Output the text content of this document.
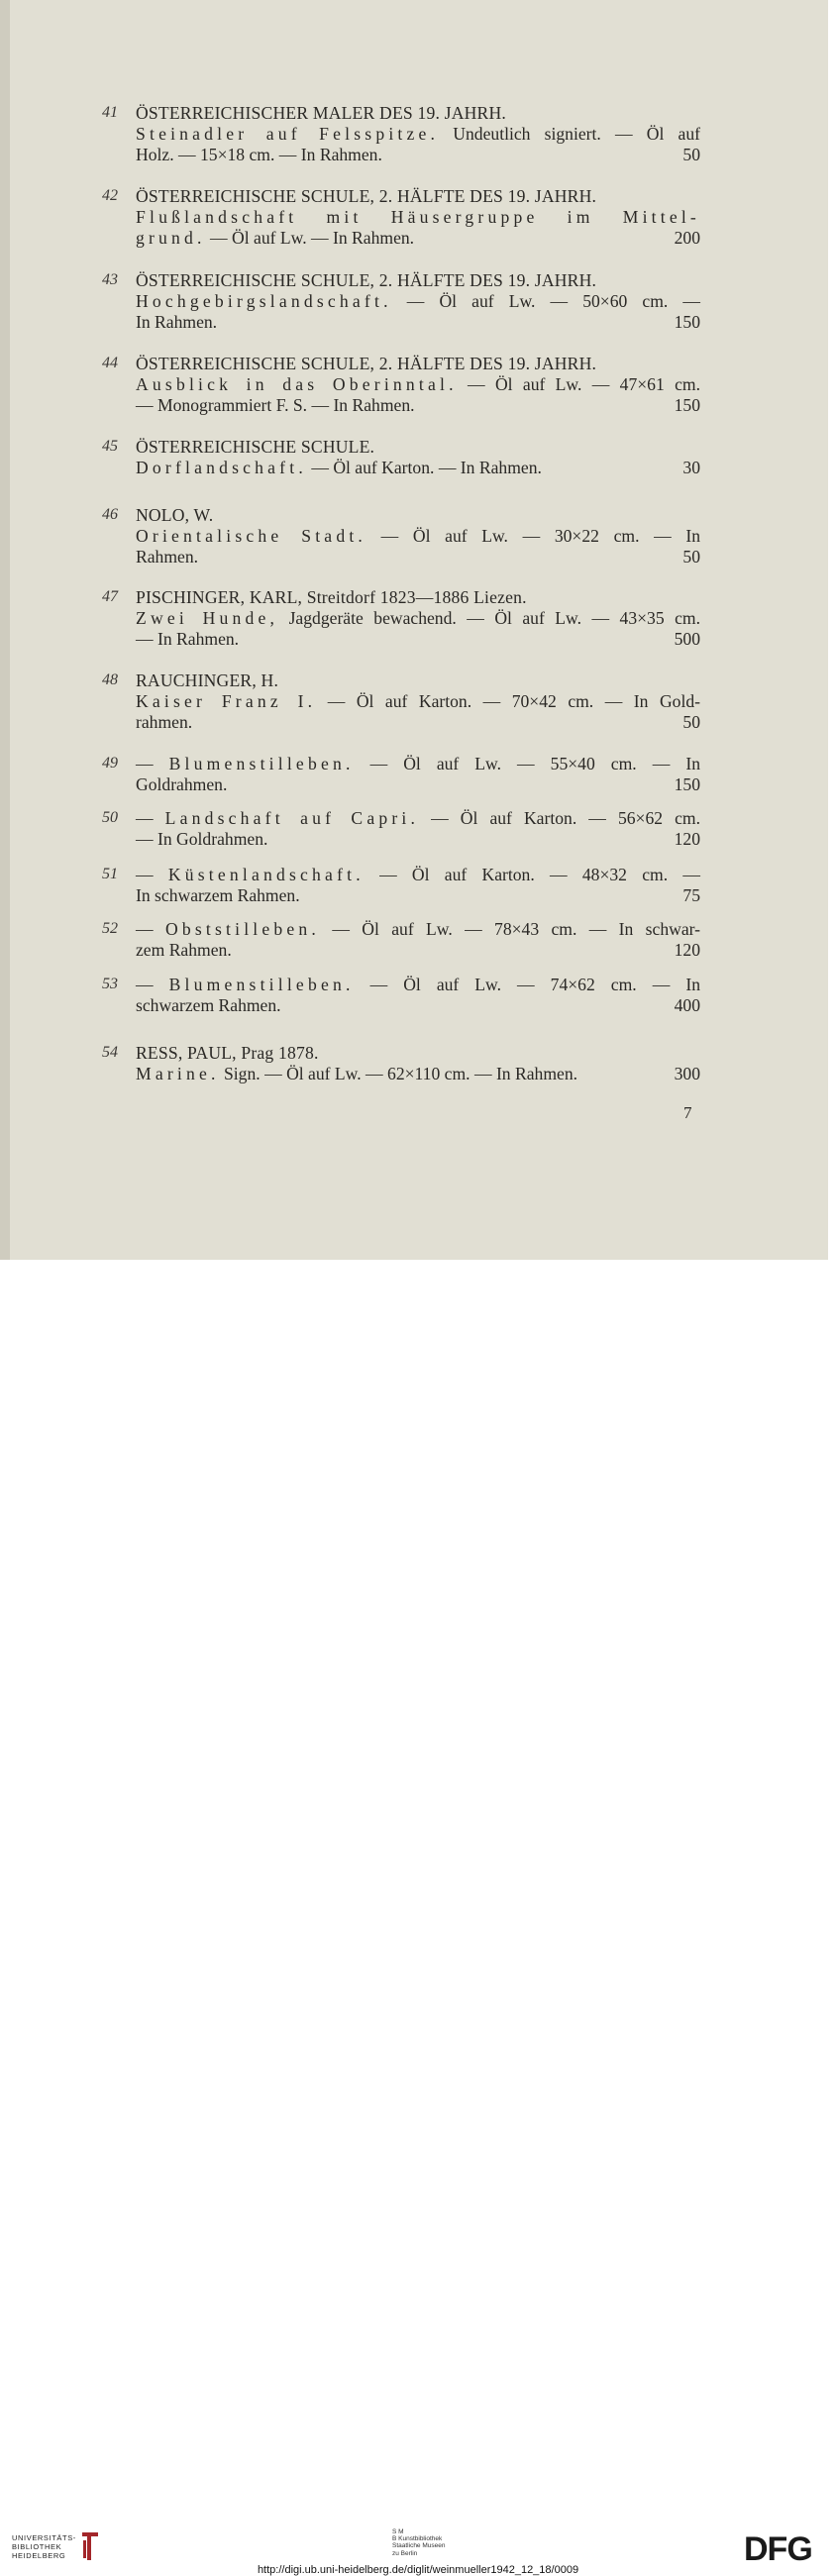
41 ÖSTERREICHISCHER MALER DES 19. JAHRH.
Steinadler auf Felsspitze. Undeutlich signiert. — Öl auf
Holz. — 15×18 cm. — In Rahmen.	50
42 ÖSTERREICHISCHE SCHULE, 2. HÄLFTE DES 19. JAHRH.
Flußlandschaft mit Häusergruppe im Mittel-
grund. — Öl auf Lw. — In Rahmen.	200
43 ÖSTERREICHISCHE SCHULE, 2. HÄLFTE DES 19. JAHRH.
Hochgebirgslandschaft. — Öl auf Lw. — 50×60 cm. —
In Rahmen.	150
44 ÖSTERREICHISCHE SCHULE, 2. HÄLFTE DES 19. JAHRH.
Ausblick in das Oberinntal. — Öl auf Lw. — 47×61 cm.
— Monogrammiert F. S. — In Rahmen.	150
45 ÖSTERREICHISCHE SCHULE.
Dorflandschaft. — Öl auf Karton. — In Rahmen.	30
46 NOLO, W.
Orientalische Stadt. — Öl auf Lw. — 30×22 cm. — In
Rahmen.	50
47 PISCHINGER, KARL, Streitdorf 1823—1886 Liezen.
Zwei Hunde, Jagdgeräte bewachend. — Öl auf Lw. — 43×35 cm.
— In Rahmen.	500
48 RAUCHINGER, H.
Kaiser Franz I. — Öl auf Karton. — 70×42 cm. — In Gold-
rahmen.	50
49 — Blumenstilleben. — Öl auf Lw. — 55×40 cm. — In
Goldrahmen.	150
50 — Landschaft auf Capri. — Öl auf Karton. — 56×62 cm.
— In Goldrahmen.	120
51 — Küstenlandschaft. — Öl auf Karton. — 48×32 cm. —
In schwarzem Rahmen.	75
52 — Obststilleben. — Öl auf Lw. — 78×43 cm. — In schwar-
zem Rahmen.	120
53 — Blumenstilleben. — Öl auf Lw. — 74×62 cm. — In
schwarzem Rahmen.	400
54 RESS, PAUL, Prag 1878.
Marine. Sign. — Öl auf Lw. — 62×110 cm. — In Rahmen.	300
7
UNIVERSITÄTS-
BIBLIOTHEK
HEIDELBERG
S M
B Kunstbibliothek
Staatliche Museen
zu Berlin	DFG
http://digi.ub.uni-heidelberg.de/diglit/weinmueller1942_12_18/0009
